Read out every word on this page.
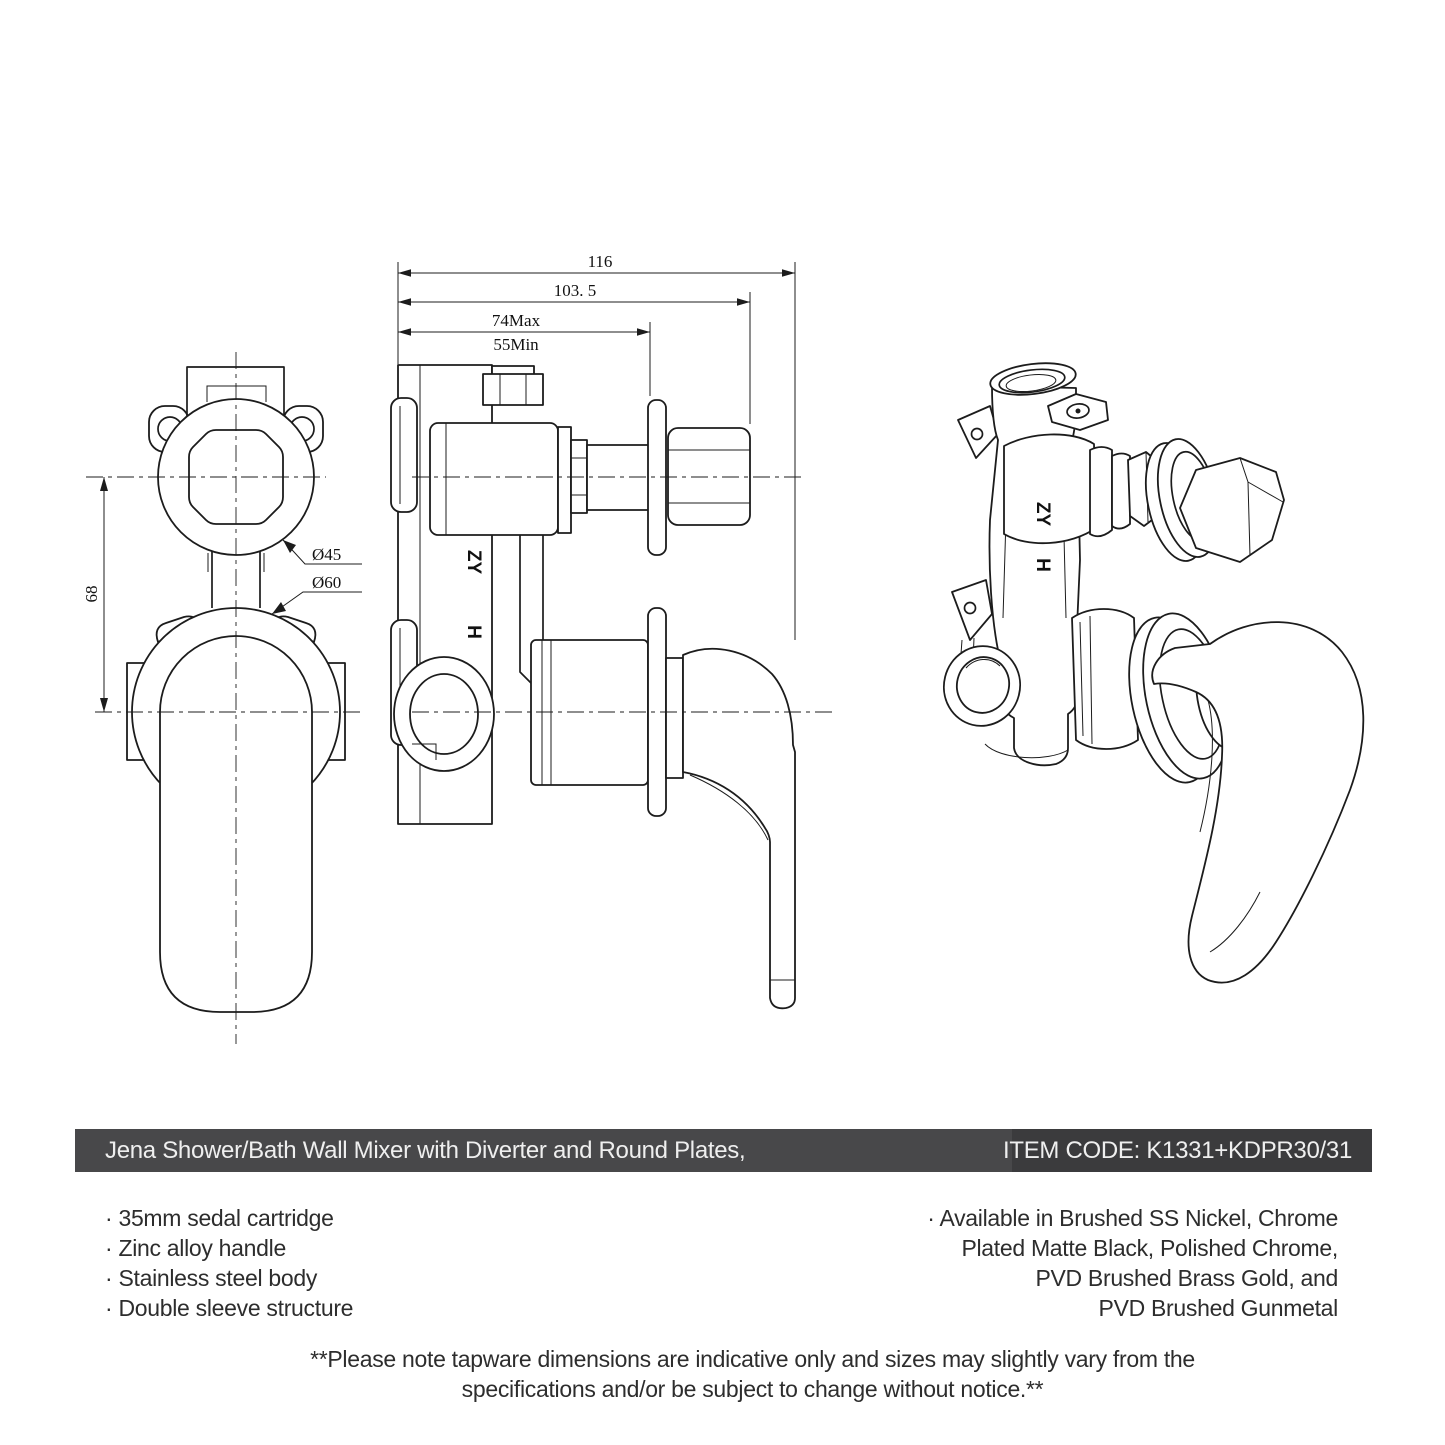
68
Ø45
Ø60
116
103. 5
74Max
55Min
ZY
H
ZY
H
Jena Shower/Bath Wall Mixer with Diverter and Round Plates,	ITEM CODE: K1331+KDPR30/31
· 35mm sedal cartridge
· Zinc alloy handle
· Stainless steel body
· Double sleeve structure
· Available in Brushed SS Nickel, Chrome
Plated Matte Black, Polished Chrome,
PVD Brushed Brass Gold, and
PVD Brushed Gunmetal
**Please note tapware dimensions are indicative only and sizes may slightly vary from the
specifications and/or be subject to change without notice.**
